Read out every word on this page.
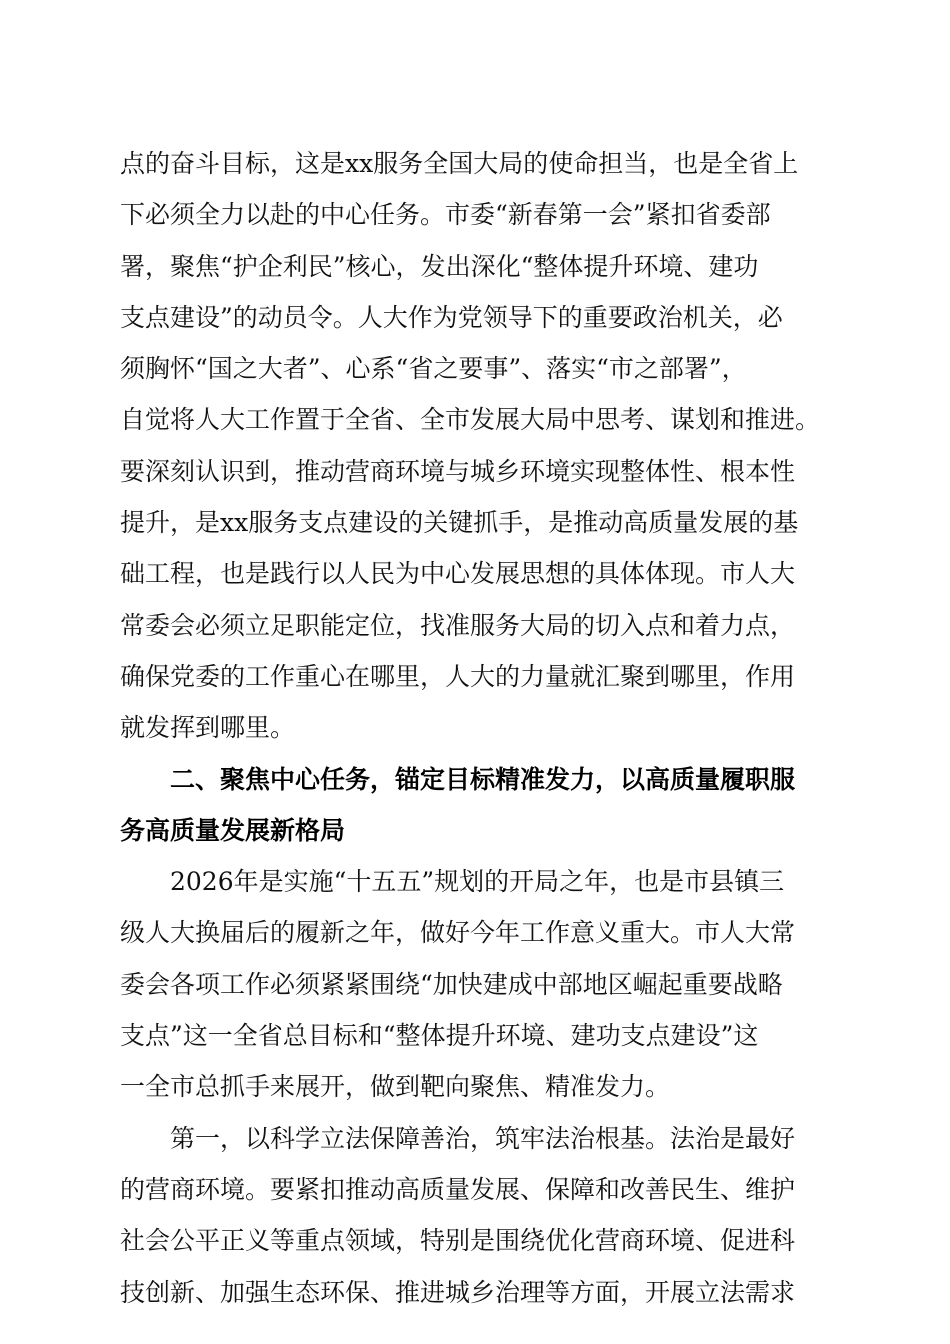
点的奋斗目标，这是xx服务全国大局的使命担当，也是全省上
下必须全力以赴的中心任务。市委“新春第一会”紧扣省委部
署，聚焦“护企利民”核心，发出深化“整体提升环境、建功
支点建设”的动员令。人大作为党领导下的重要政治机关，必
须胸怀“国之大者”、心系“省之要事”、落实“市之部署”，
自觉将人大工作置于全省、全市发展大局中思考、谋划和推进。
要深刻认识到，推动营商环境与城乡环境实现整体性、根本性
提升，是xx服务支点建设的关键抓手，是推动高质量发展的基
础工程，也是践行以人民为中心发展思想的具体体现。市人大
常委会必须立足职能定位，找准服务大局的切入点和着力点，
确保党委的工作重心在哪里，人大的力量就汇聚到哪里，作用
就发挥到哪里。
二、聚焦中心任务，锚定目标精准发力，以高质量履职服
务高质量发展新格局
2026年是实施“十五五”规划的开局之年，也是市县镇三
级人大换届后的履新之年，做好今年工作意义重大。市人大常
委会各项工作必须紧紧围绕“加快建成中部地区崛起重要战略
支点”这一全省总目标和“整体提升环境、建功支点建设”这
一全市总抓手来展开，做到靶向聚焦、精准发力。
第一，以科学立法保障善治，筑牢法治根基。法治是最好
的营商环境。要紧扣推动高质量发展、保障和改善民生、维护
社会公平正义等重点领域，特别是围绕优化营商环境、促进科
技创新、加强生态环保、推进城乡治理等方面，开展立法需求
